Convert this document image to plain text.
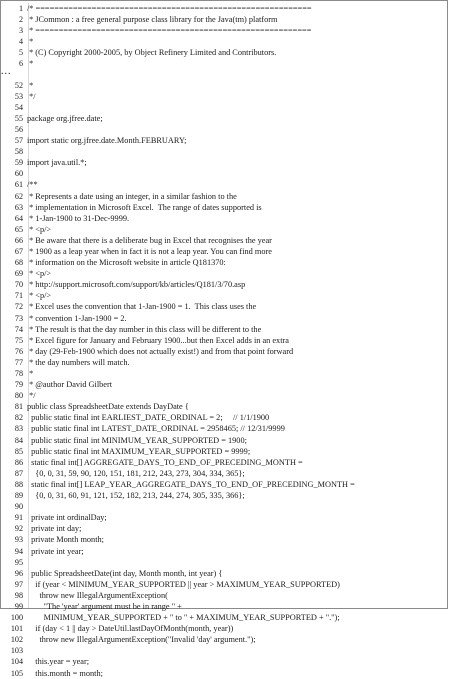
1 /* ===========================================================
2 * JCommon : a free general purpose class library for the Java(tm) platform
3 * ===========================================================
4 *
5 * (C) Copyright 2000-2005, by Object Refinery Limited and Contributors.
6 *
...
52 *
53 */
54
55 package org.jfree.date;
56
57 import static org.jfree.date.Month.FEBRUARY;
58
59 import java.util.*;
60
61 /**
62 * Represents a date using an integer, in a similar fashion to the
63 * implementation in Microsoft Excel.  The range of dates supported is
64 * 1-Jan-1900 to 31-Dec-9999.
65 * <p/>
66 * Be aware that there is a deliberate bug in Excel that recognises the year
67 * 1900 as a leap year when in fact it is not a leap year. You can find more
68 * information on the Microsoft website in article Q181370:
69 * <p/>
70 * http://support.microsoft.com/support/kb/articles/Q181/3/70.asp
71 * <p/>
72 * Excel uses the convention that 1-Jan-1900 = 1.  This class uses the
73 * convention 1-Jan-1900 = 2.
74 * The result is that the day number in this class will be different to the
75 * Excel figure for January and February 1900...but then Excel adds in an extra
76 * day (29-Feb-1900 which does not actually exist!) and from that point forward
77 * the day numbers will match.
78 *
79 * @author David Gilbert
80 */
81 public class SpreadsheetDate extends DayDate {
82 public static final int EARLIEST_DATE_ORDINAL = 2;     // 1/1/1900
83 public static final int LATEST_DATE_ORDINAL = 2958465; // 12/31/9999
84 public static final int MINIMUM_YEAR_SUPPORTED = 1900;
85 public static final int MAXIMUM_YEAR_SUPPORTED = 9999;
86 static final int[] AGGREGATE_DAYS_TO_END_OF_PRECEDING_MONTH =
87 {0, 0, 31, 59, 90, 120, 151, 181, 212, 243, 273, 304, 334, 365};
88 static final int[] LEAP_YEAR_AGGREGATE_DAYS_TO_END_OF_PRECEDING_MONTH =
89 {0, 0, 31, 60, 91, 121, 152, 182, 213, 244, 274, 305, 335, 366};
90
91 private int ordinalDay;
92 private int day;
93 private Month month;
94 private int year;
95
96 public SpreadsheetDate(int day, Month month, int year) {
97 if (year < MINIMUM_YEAR_SUPPORTED || year > MAXIMUM_YEAR_SUPPORTED)
98 throw new IllegalArgumentException(
99 "The 'year' argument must be in range " +
100 MINIMUM_YEAR_SUPPORTED + " to " + MAXIMUM_YEAR_SUPPORTED + ".");
101 if (day < 1 || day > DateUtil.lastDayOfMonth(month, year))
102 throw new IllegalArgumentException("Invalid 'day' argument.");
103
104 this.year = year;
105 this.month = month;
